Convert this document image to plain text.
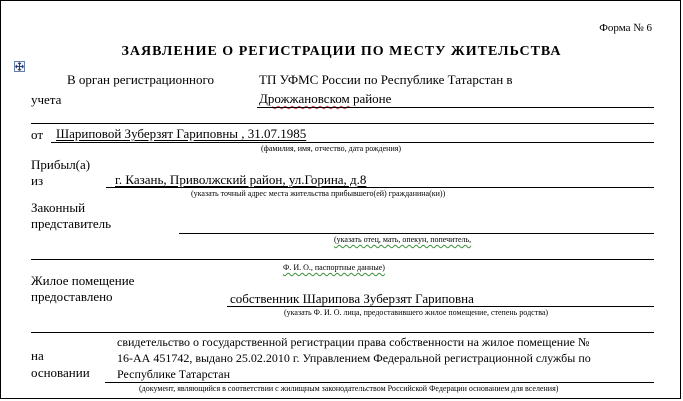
Форма № 6
ЗАЯВЛЕНИЕ О РЕГИСТРАЦИИ ПО МЕСТУ ЖИТЕЛЬСТВА
В орган регистрационного
учета
ТП УФМС России по Республике Татарстан в
Дрожжановском районе
от Шариповой Зуберзят Гариповны , 31.07.1985
(фамилия, имя, отчество, дата рождения)
Прибыл(а)
из	г. Казань, Приволжский район, ул.Горина, д.8
(указать точный адрес места жительства прибывшего(ей) гражданина(ки))
Законный
представитель
(указать отец, мать, опекун, попечитель,
Ф. И. О., паспортные данные)
Жилое помещение
предоставлено	собственник Шарипова Зуберзят Гариповна
(указать Ф. И. О. лица, предоставившего жилое помещение, степень родства)
на
основании
свидетельство о государственной регистрации права собственности на жилое помещение №
16-АА 451742, выдано 25.02.2010 г. Управлением Федеральной регистрационной службы по
Республике Татарстан
(документ, являющийся в соответствии с жилищным законодательством Российской Федерации основанием для вселения)
